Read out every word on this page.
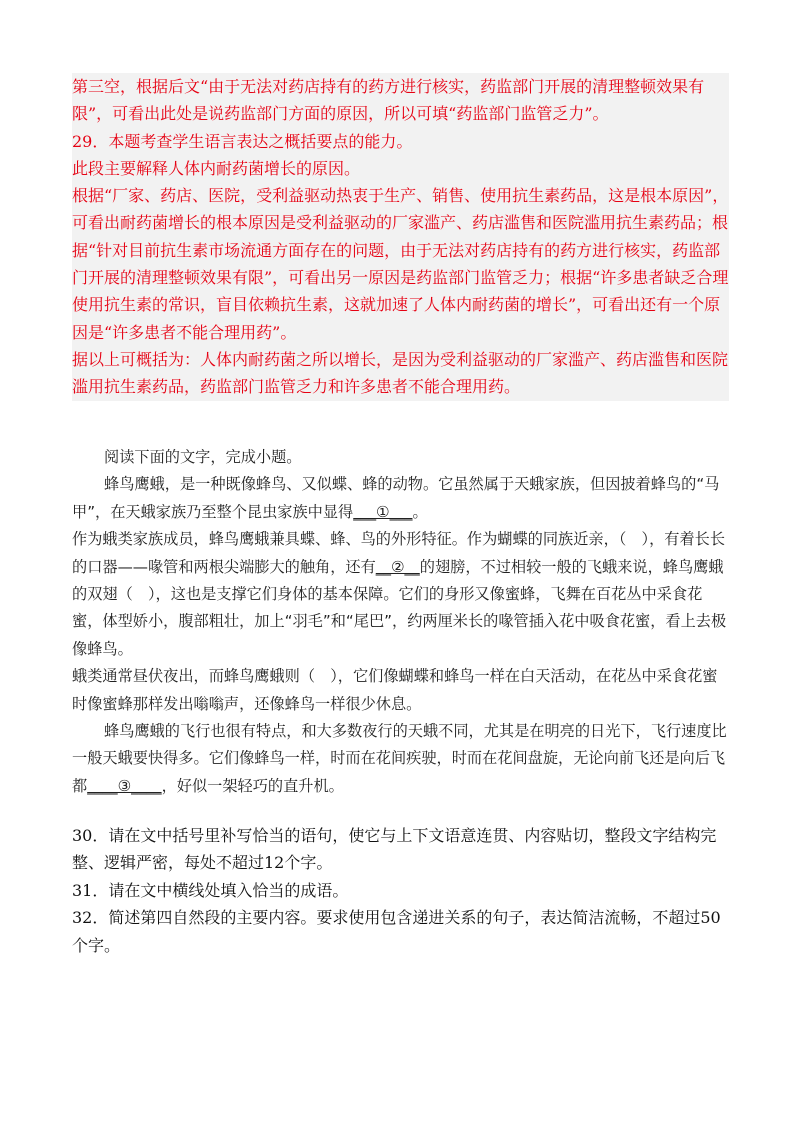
第三空，根据后文“由于无法对药店持有的药方进行核实，药监部门开展的清理整顿效果有限”，可看出此处是说药监部门方面的原因，所以可填“药监部门监管乏力”。

29．本题考查学生语言表达之概括要点的能力。

此段主要解释人体内耐药菌增长的原因。

根据“厂家、药店、医院，受利益驱动热衷于生产、销售、使用抗生素药品，这是根本原因”，可看出耐药菌增长的根本原因是受利益驱动的厂家滥产、药店滥售和医院滥用抗生素药品；根据“针对目前抗生素市场流通方面存在的问题，由于无法对药店持有的药方进行核实，药监部门开展的清理整顿效果有限”，可看出另一原因是药监部门监管乏力；根据“许多患者缺乏合理使用抗生素的常识，盲目依赖抗生素，这就加速了人体内耐药菌的增长”，可看出还有一个原因是“许多患者不能合理用药”。

据以上可概括为：人体内耐药菌之所以增长，是因为受利益驱动的厂家滥产、药店滥售和医院滥用抗生素药品，药监部门监管乏力和许多患者不能合理用药。

阅读下面的文字，完成小题。

蜂鸟鹰蛾，是一种既像蜂鸟、又似蝶、蜂的动物。它虽然属于天蛾家族，但因披着蜂鸟的“马甲”，在天蛾家族乃至整个昆虫家族中显得___①___。

作为蛾类家族成员，蜂鸟鹰蛾兼具蝶、蜂、鸟的外形特征。作为蝴蝶的同族近亲，（　），有着长长的口器——喙管和两根尖端膨大的触角，还有__②__的翅膀，不过相较一般的飞蛾来说，蜂鸟鹰蛾的双翅（　），这也是支撑它们身体的基本保障。它们的身形又像蜜蜂，飞舞在百花丛中采食花蜜，体型娇小，腹部粗壮，加上“羽毛”和“尾巴”，约两厘米长的喙管插入花中吸食花蜜，看上去极像蜂鸟。

蛾类通常昼伏夜出，而蜂鸟鹰蛾则（　），它们像蝴蝶和蜂鸟一样在白天活动，在花丛中采食花蜜时像蜜蜂那样发出嗡嗡声，还像蜂鸟一样很少休息。

蜂鸟鹰蛾的飞行也很有特点，和大多数夜行的天蛾不同，尤其是在明亮的日光下，飞行速度比一般天蛾要快得多。它们像蜂鸟一样，时而在花间疾驶，时而在花间盘旋，无论向前飞还是向后飞都____③____，好似一架轻巧的直升机。

30．请在文中括号里补写恰当的语句，使它与上下文语意连贯、内容贴切，整段文字结构完整、逻辑严密，每处不超过12个字。

31．请在文中横线处填入恰当的成语。

32．简述第四自然段的主要内容。要求使用包含递进关系的句子，表达简洁流畅，不超过50个字。
